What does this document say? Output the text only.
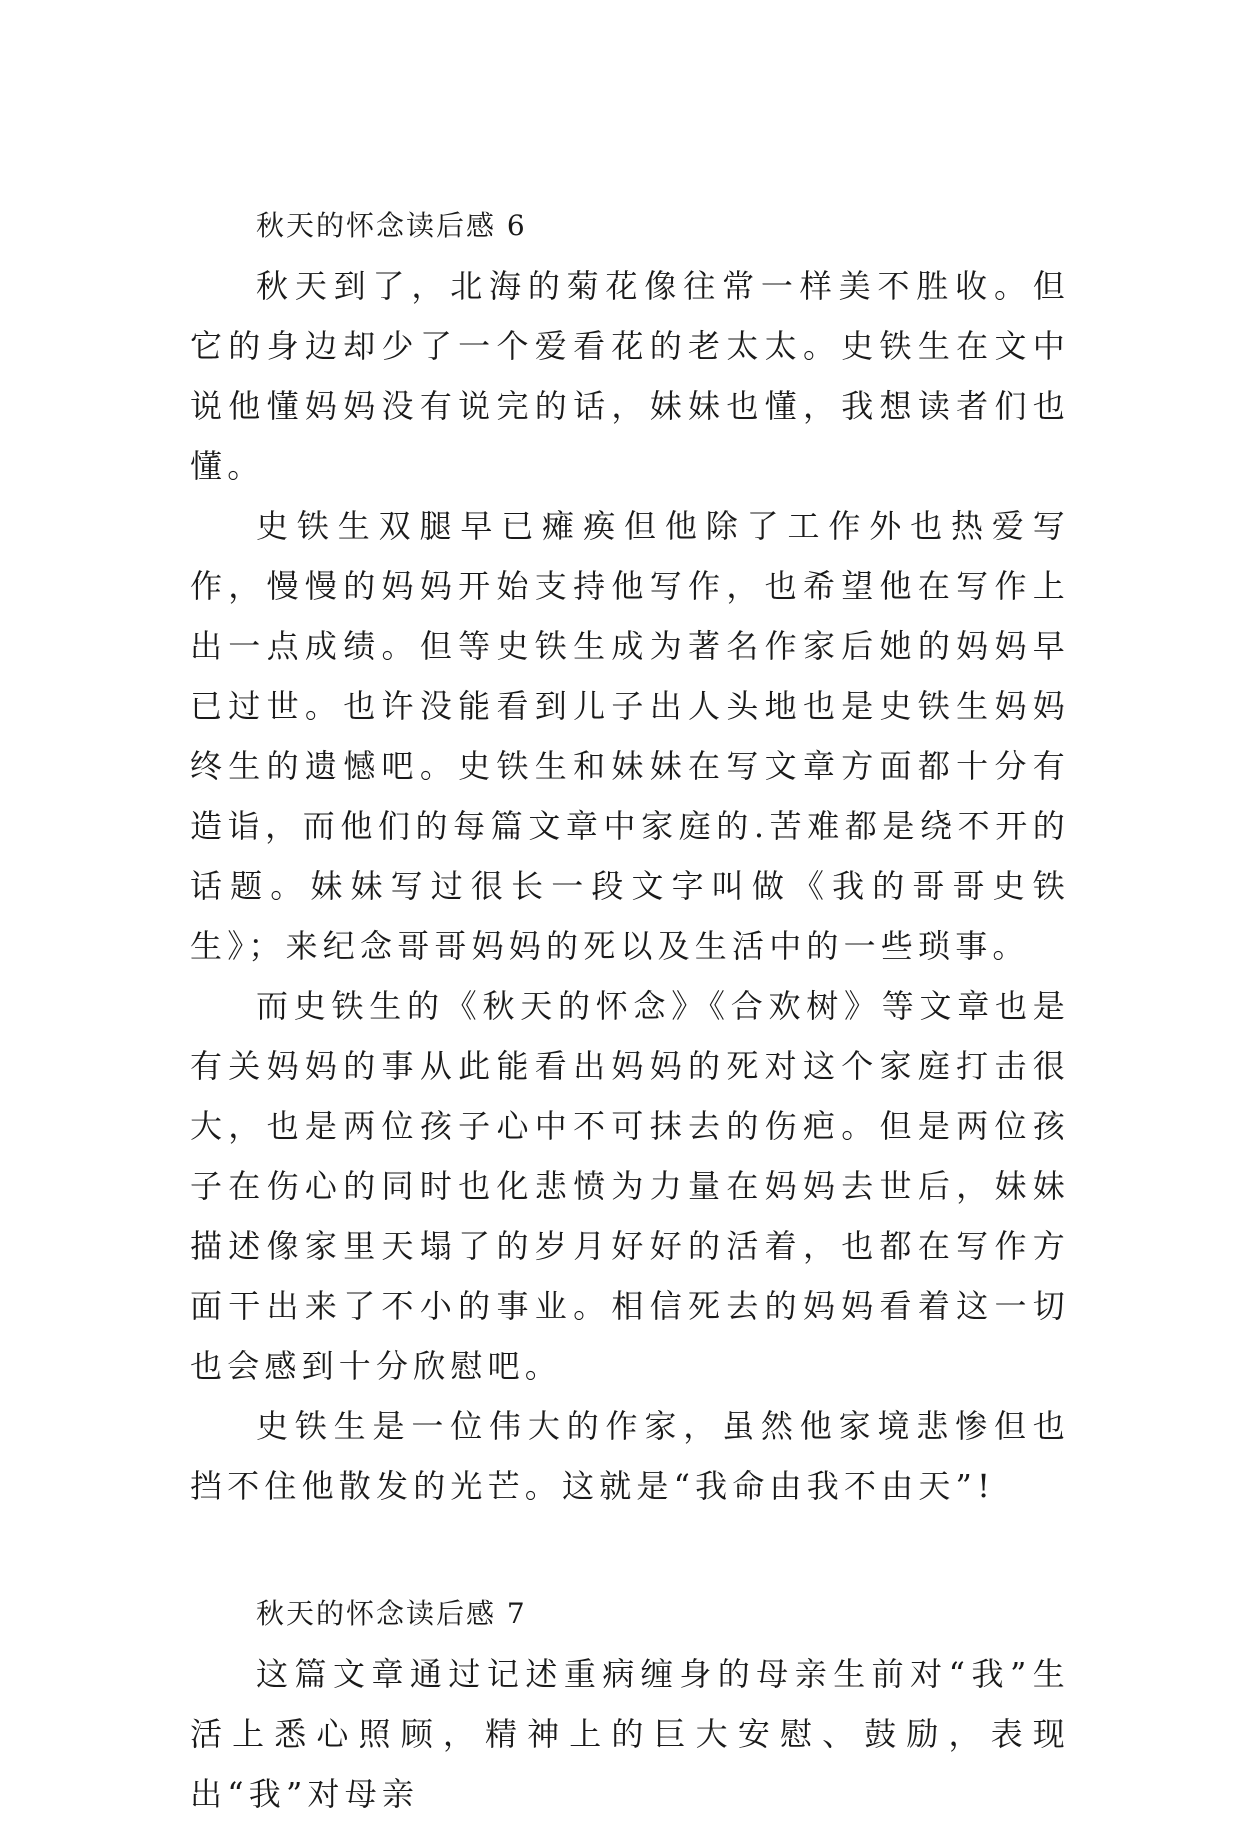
秋天的怀念读后感 6

秋天到了，北海的菊花像往常一样美不胜收。但它的身边却少了一个爱看花的老太太。史铁生在文中说他懂妈妈没有说完的话，妹妹也懂，我想读者们也懂。

史铁生双腿早已瘫痪但他除了工作外也热爱写作，慢慢的妈妈开始支持他写作，也希望他在写作上出一点成绩。但等史铁生成为著名作家后她的妈妈早已过世。也许没能看到儿子出人头地也是史铁生妈妈终生的遗憾吧。史铁生和妹妹在写文章方面都十分有造诣，而他们的每篇文章中家庭的.苦难都是绕不开的话题。妹妹写过很长一段文字叫做《我的哥哥史铁生》；来纪念哥哥妈妈的死以及生活中的一些琐事。

而史铁生的《秋天的怀念》《合欢树》等文章也是有关妈妈的事从此能看出妈妈的死对这个家庭打击很大，也是两位孩子心中不可抹去的伤疤。但是两位孩子在伤心的同时也化悲愤为力量在妈妈去世后，妹妹描述像家里天塌了的岁月好好的活着，也都在写作方面干出来了不小的事业。相信死去的妈妈看着这一切也会感到十分欣慰吧。

史铁生是一位伟大的作家，虽然他家境悲惨但也挡不住他散发的光芒。这就是“我命由我不由天”!

秋天的怀念读后感 7

这篇文章通过记述重病缠身的母亲生前对“我”生活上悉心照顾，精神上的巨大安慰、鼓励，表现出“我”对母亲
